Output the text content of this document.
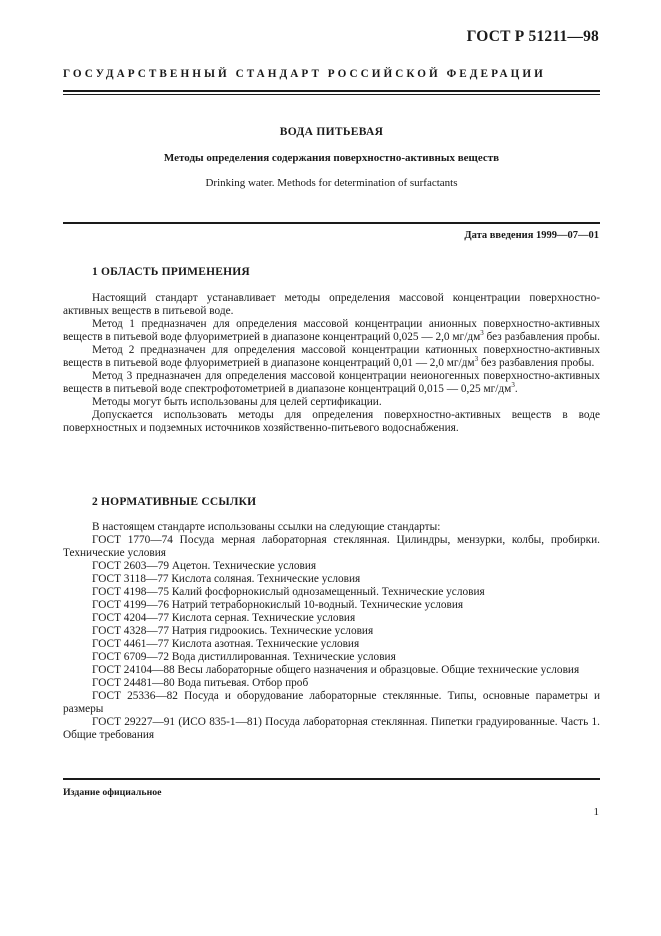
ГОСТ Р 51211—98
ГОСУДАРСТВЕННЫЙ СТАНДАРТ РОССИЙСКОЙ ФЕДЕРАЦИИ
ВОДА ПИТЬЕВАЯ
Методы определения содержания поверхностно-активных веществ
Drinking water. Methods for determination of surfactants
Дата введения 1999—07—01
1 ОБЛАСТЬ ПРИМЕНЕНИЯ

Настоящий стандарт устанавливает методы определения массовой концентрации поверхностно-активных веществ в питьевой воде.

Метод 1 предназначен для определения массовой концентрации анионных поверхностно-активных веществ в питьевой воде флуориметрией в диапазоне концентраций 0,025 — 2,0 $мг/дм^3$ без разбавления пробы.

Метод 2 предназначен для определения массовой концентрации катионных поверхностно-активных веществ в питьевой воде флуориметрией в диапазоне концентраций 0,01 — 2,0 $мг/дм^3$ без разбавления пробы.

Метод 3 предназначен для определения массовой концентрации неионогенных поверхностно-активных веществ в питьевой воде спектрофотометрией в диапазоне концентраций 0,015 — 0,25 $мг/дм^3$.

Методы могут быть использованы для целей сертификации.

Допускается использовать методы для определения поверхностно-активных веществ в воде поверхностных и подземных источников хозяйственно-питьевого водоснабжения.

2 НОРМАТИВНЫЕ ССЫЛКИ

В настоящем стандарте использованы ссылки на следующие стандарты:

ГОСТ 1770—74 Посуда мерная лабораторная стеклянная. Цилиндры, мензурки, колбы, пробирки. Технические условия

ГОСТ 2603—79 Ацетон. Технические условия

ГОСТ 3118—77 Кислота соляная. Технические условия

ГОСТ 4198—75 Калий фосфорнокислый однозамещенный. Технические условия

ГОСТ 4199—76 Натрий тетраборнокислый 10-водный. Технические условия

ГОСТ 4204—77 Кислота серная. Технические условия

ГОСТ 4328—77 Натрия гидроокись. Технические условия

ГОСТ 4461—77 Кислота азотная. Технические условия

ГОСТ 6709—72 Вода дистиллированная. Технические условия

ГОСТ 24104—88 Весы лабораторные общего назначения и образцовые. Общие технические условия

ГОСТ 24481—80 Вода питьевая. Отбор проб

ГОСТ 25336—82 Посуда и оборудование лабораторные стеклянные. Типы, основные параметры и размеры

ГОСТ 29227—91 (ИСО 835-1—81) Посуда лабораторная стеклянная. Пипетки градуированные. Часть 1. Общие требования

Издание официальное
1
